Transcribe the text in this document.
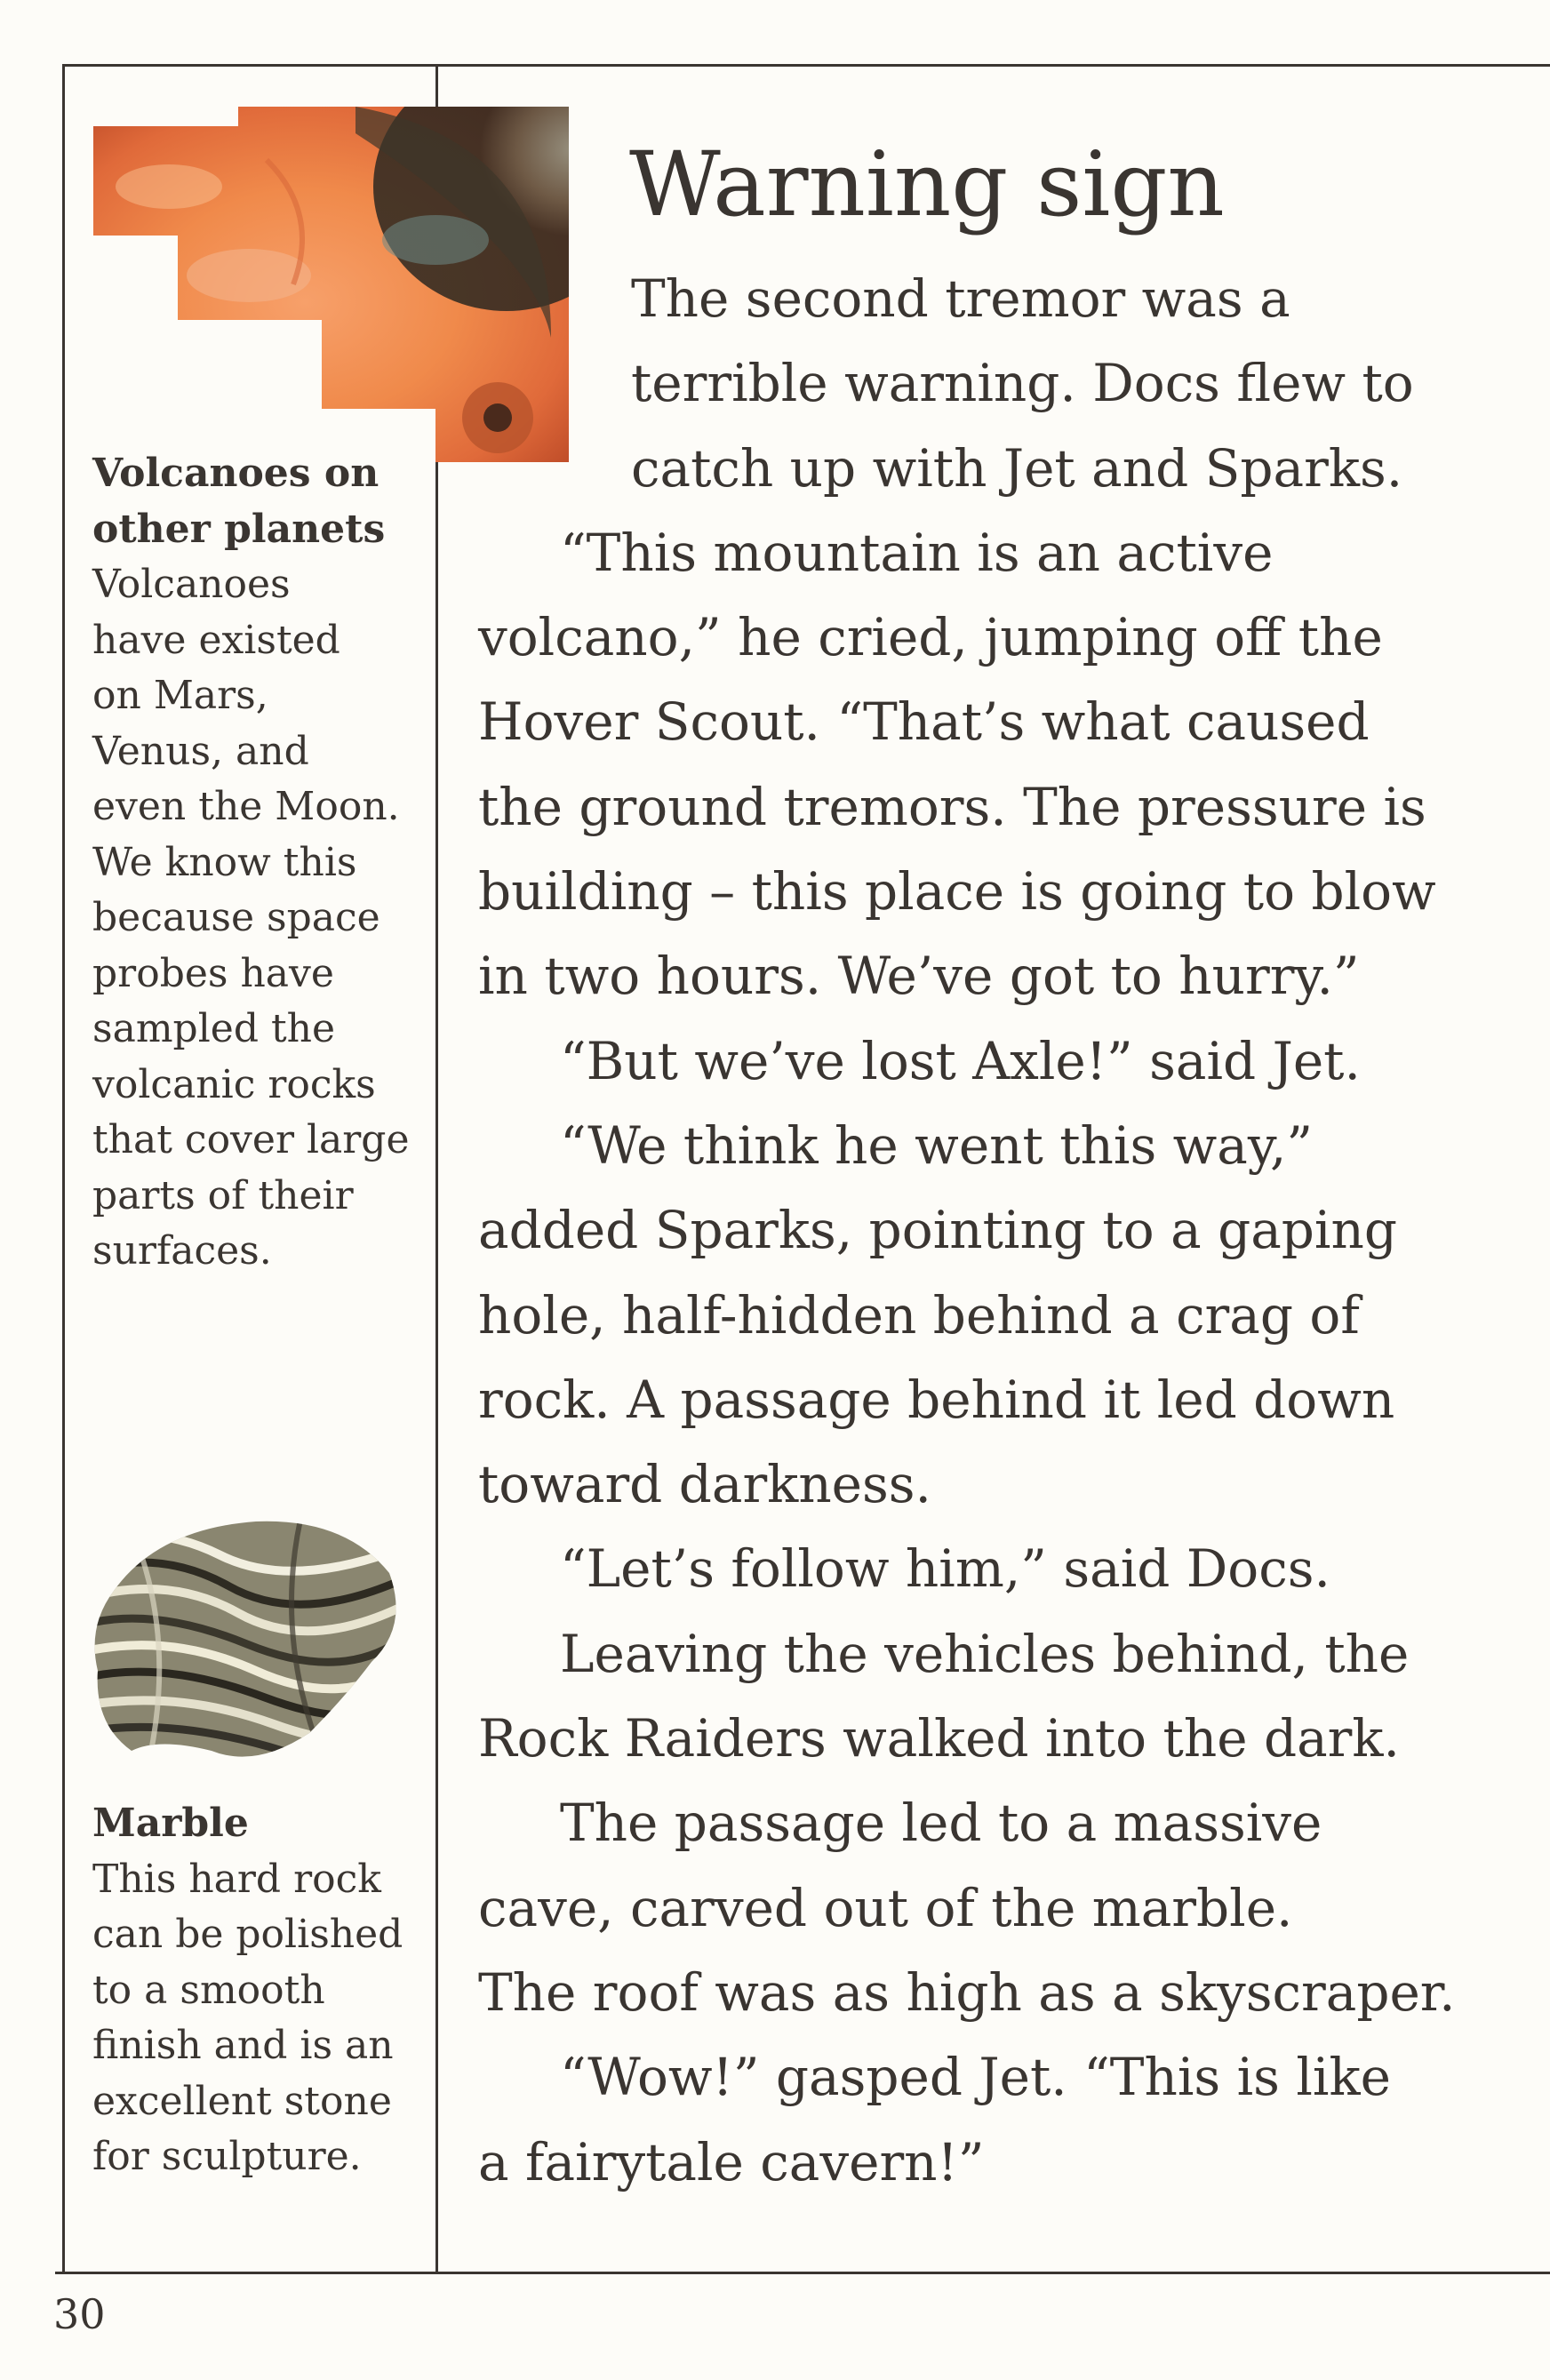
Volcanoes on
other planets
Volcanoes
have existed
on Mars,
Venus, and
even the Moon.
We know this
because space
probes have
sampled the
volcanic rocks
that cover large
parts of their
surfaces.
Marble
This hard rock
can be polished
to a smooth
finish and is an
excellent stone
for sculpture.
Warning sign
The second tremor was a
terrible warning. Docs flew to
catch up with Jet and Sparks.
“This mountain is an active
volcano,” he cried, jumping off the
Hover Scout. “That’s what caused
the ground tremors. The pressure is
building – this place is going to blow
in two hours. We’ve got to hurry.”
“But we’ve lost Axle!” said Jet.
“We think he went this way,”
added Sparks, pointing to a gaping
hole, half-hidden behind a crag of
rock. A passage behind it led down
toward darkness.
“Let’s follow him,” said Docs.
Leaving the vehicles behind, the
Rock Raiders walked into the dark.
The passage led to a massive
cave, carved out of the marble.
The roof was as high as a skyscraper.
“Wow!” gasped Jet. “This is like
a fairytale cavern!”
30
